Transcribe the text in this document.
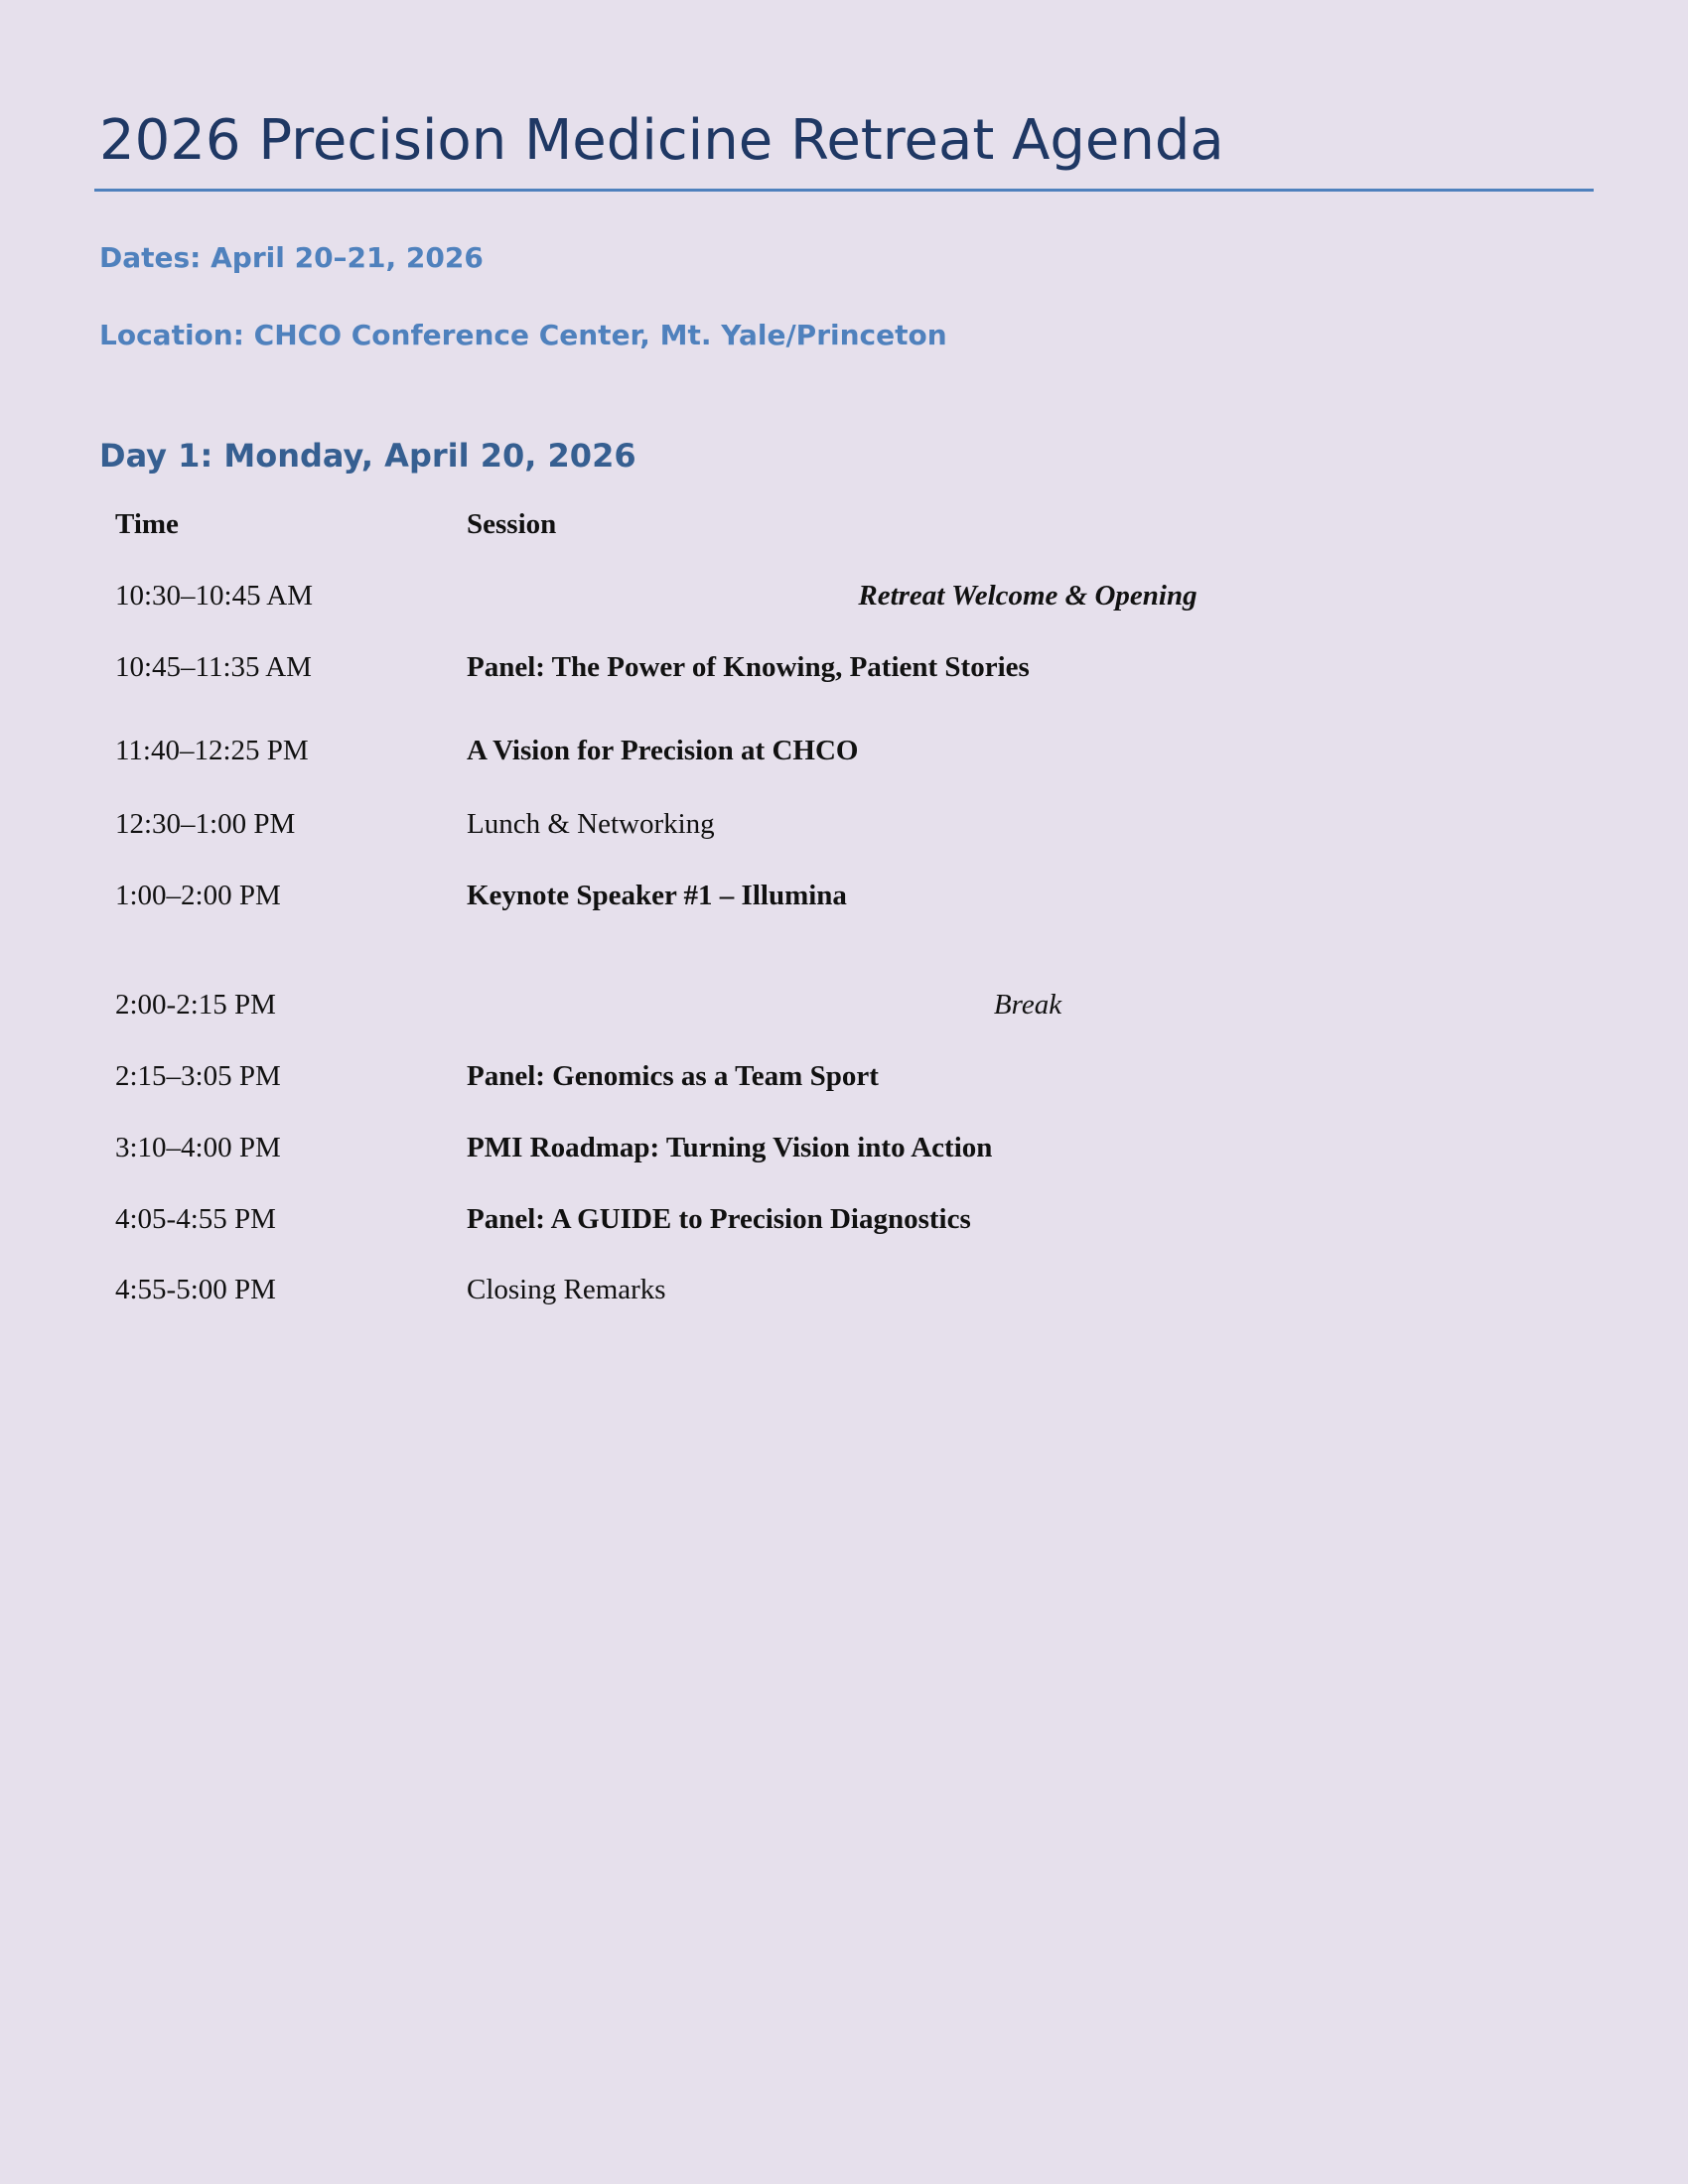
2026 Precision Medicine Retreat Agenda
Dates: April 20–21, 2026
Location: CHCO Conference Center, Mt. Yale/Princeton
Day 1: Monday, April 20, 2026
Time	Session
10:30–10:45 AM	Retreat Welcome & Opening
10:45–11:35 AM	Panel: The Power of Knowing, Patient Stories
11:40–12:25 PM	A Vision for Precision at CHCO
12:30–1:00 PM	Lunch & Networking
1:00–2:00 PM	Keynote Speaker #1 – Illumina
2:00-2:15 PM	Break
2:15–3:05 PM	Panel: Genomics as a Team Sport
3:10–4:00 PM	PMI Roadmap: Turning Vision into Action
4:05-4:55 PM	Panel: A GUIDE to Precision Diagnostics
4:55-5:00 PM	Closing Remarks
